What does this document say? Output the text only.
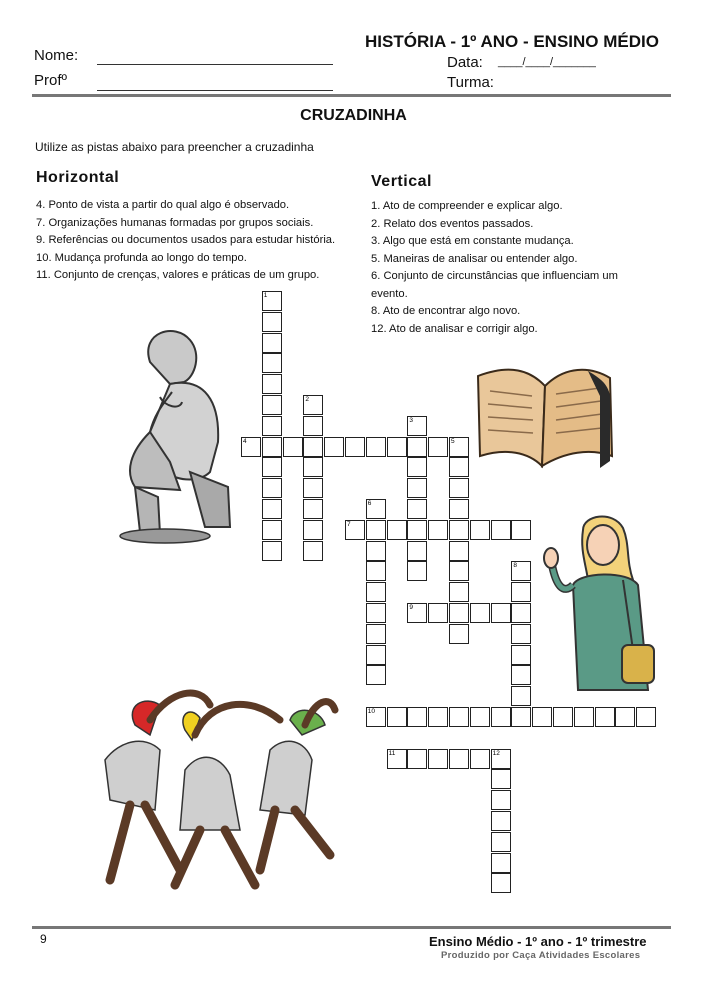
HISTÓRIA - 1º ANO - ENSINO MÉDIO
Nome:
Profº
Data: ____/____/_______
Turma:
CRUZADINHA
Utilize as pistas abaixo para preencher a cruzadinha
Horizontal	Vertical
4. Ponto de vista a partir do qual algo é observado.
7. Organizações humanas formadas por grupos sociais.
9. Referências ou documentos usados para estudar história.
10. Mudança profunda ao longo do tempo.
11. Conjunto de crenças, valores e práticas de um grupo.
1. Ato de compreender e explicar algo.
2. Relato dos eventos passados.
3. Algo que está em constante mudança.
5. Maneiras de analisar ou entender algo.
6. Conjunto de circunstâncias que influenciam um
evento.
8. Ato de encontrar algo novo.
12. Ato de analisar e corrigir algo.
1
2
3
4	5
6
7
8
9
10
11	12
9	Ensino Médio - 1º ano - 1º trimestre
Produzido por Caça Atividades Escolares
